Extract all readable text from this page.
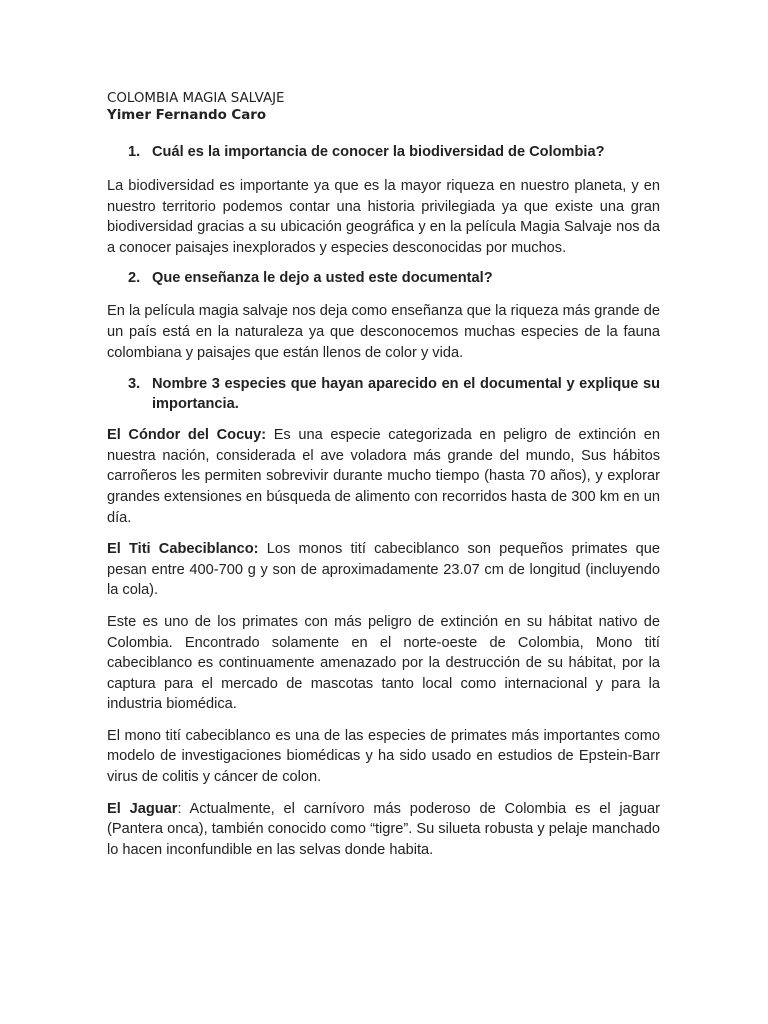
COLOMBIA MAGIA SALVAJE

Yimer Fernando Caro

1. Cuál es la importancia de conocer la biodiversidad de Colombia?

La biodiversidad es importante ya que es la mayor riqueza en nuestro planeta, y en nuestro territorio podemos contar una historia privilegiada ya que existe una gran biodiversidad gracias a su ubicación geográfica y en la película Magia Salvaje nos da a conocer paisajes inexplorados y especies desconocidas por muchos.

2. Que enseñanza le dejo a usted este documental?

En la película magia salvaje nos deja como enseñanza que la riqueza más grande de un país está en la naturaleza ya que desconocemos muchas especies de la fauna colombiana y paisajes que están llenos de color y vida.

3. Nombre 3 especies que hayan aparecido en el documental y explique su importancia.

El Cóndor del Cocuy: Es una especie categorizada en peligro de extinción en nuestra nación, considerada el ave voladora más grande del mundo, Sus hábitos carroñeros les permiten sobrevivir durante mucho tiempo (hasta 70 años), y explorar grandes extensiones en búsqueda de alimento con recorridos hasta de 300 km en un día.

El Titi Cabeciblanco: Los monos tití cabeciblanco son pequeños primates que pesan entre 400-700 g y son de aproximadamente 23.07 cm de longitud (incluyendo la cola).

Este es uno de los primates con más peligro de extinción en su hábitat nativo de Colombia. Encontrado solamente en el norte-oeste de Colombia, Mono tití cabeciblanco es continuamente amenazado por la destrucción de su hábitat, por la captura para el mercado de mascotas tanto local como internacional y para la industria biomédica.

El mono tití cabeciblanco es una de las especies de primates más importantes como modelo de investigaciones biomédicas y ha sido usado en estudios de Epstein-Barr virus de colitis y cáncer de colon.

El Jaguar: Actualmente, el carnívoro más poderoso de Colombia es el jaguar (Pantera onca), también conocido como “tigre”. Su silueta robusta y pelaje manchado lo hacen inconfundible en las selvas donde habita.
